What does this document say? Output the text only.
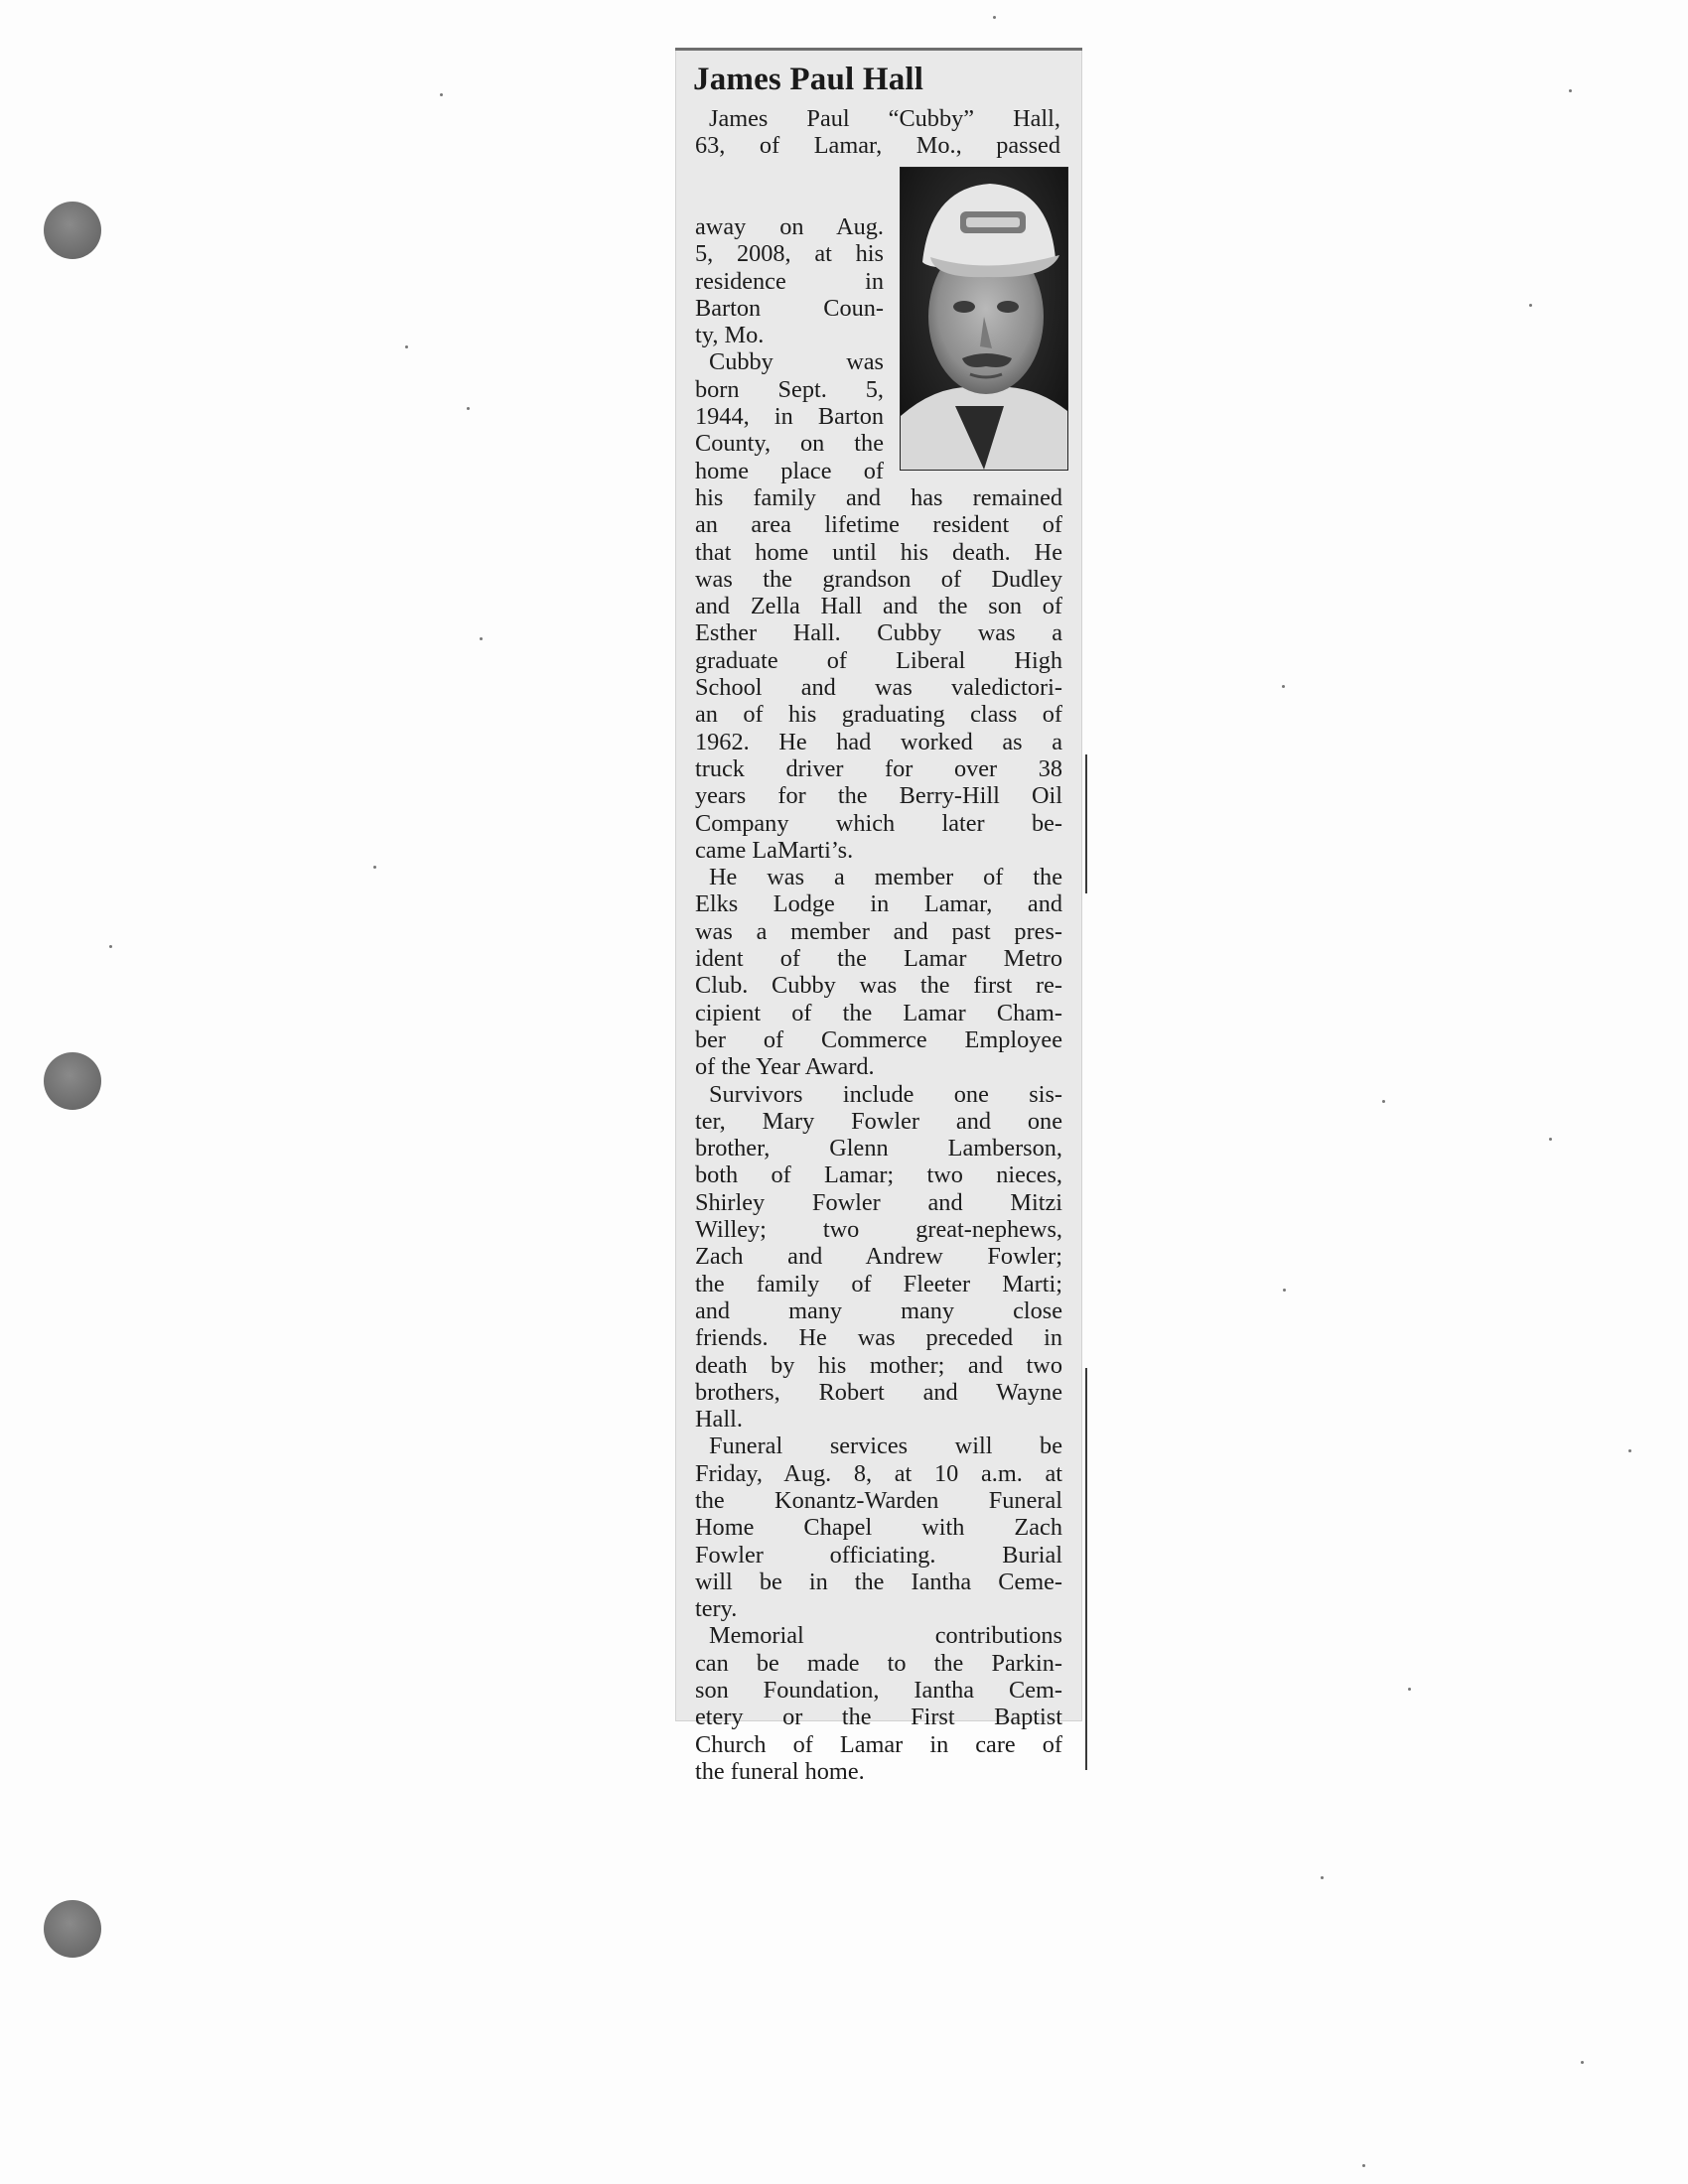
James Paul Hall
James Paul “Cubby” Hall,
63, of Lamar, Mo., passed
away on Aug.
5, 2008, at his
residence in
Barton Coun-
ty, Mo.
Cubby was
born Sept. 5,
1944, in Barton
County, on the
home place of
his family and has remained
an area lifetime resident of
that home until his death. He
was the grandson of Dudley
and Zella Hall and the son of
Esther Hall. Cubby was a
graduate of Liberal High
School and was valedictori-
an of his graduating class of
1962. He had worked as a
truck driver for over 38
years for the Berry-Hill Oil
Company which later be-
came LaMarti’s.
He was a member of the
Elks Lodge in Lamar, and
was a member and past pres-
ident of the Lamar Metro
Club. Cubby was the first re-
cipient of the Lamar Cham-
ber of Commerce Employee
of the Year Award.
Survivors include one sis-
ter, Mary Fowler and one
brother, Glenn Lamberson,
both of Lamar; two nieces,
Shirley Fowler and Mitzi
Willey; two great-nephews,
Zach and Andrew Fowler;
the family of Fleeter Marti;
and many many close
friends. He was preceded in
death by his mother; and two
brothers, Robert and Wayne
Hall.
Funeral services will be
Friday, Aug. 8, at 10 a.m. at
the Konantz-Warden Funeral
Home Chapel with Zach
Fowler officiating. Burial
will be in the Iantha Ceme-
tery.
Memorial contributions
can be made to the Parkin-
son Foundation, Iantha Cem-
etery or the First Baptist
Church of Lamar in care of
the funeral home.
